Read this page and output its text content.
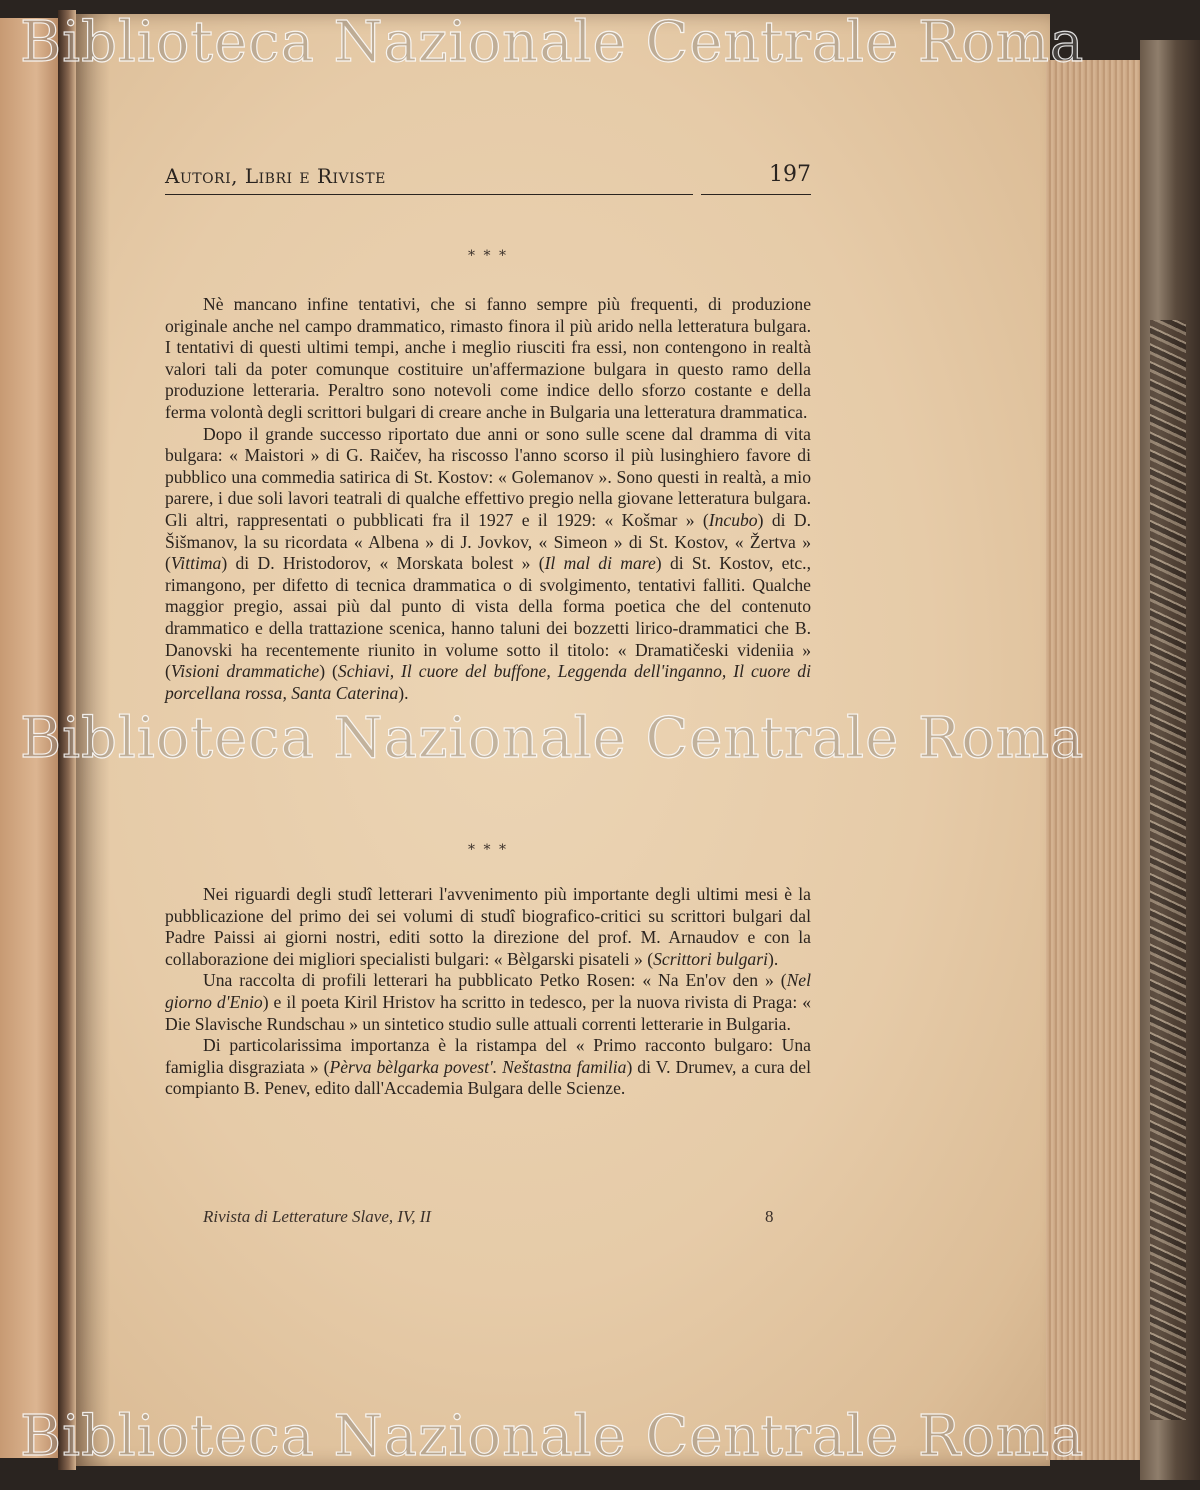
Autori, Libri e Riviste	197
* * *

Nè mancano infine tentativi, che si fanno sempre più frequenti, di produzione originale anche nel campo drammatico, rimasto finora il più arido nella letteratura bulgara. I tentativi di questi ultimi tempi, anche i meglio riusciti fra essi, non contengono in realtà valori tali da poter comunque costituire un'affermazione bulgara in questo ramo della produzione letteraria. Peraltro sono notevoli come indice dello sforzo costante e della ferma volontà degli scrittori bulgari di creare anche in Bulgaria una letteratura drammatica.

Dopo il grande successo riportato due anni or sono sulle scene dal dramma di vita bulgara: « Maistori » di G. Raičev, ha riscosso l'anno scorso il più lusinghiero favore di pubblico una commedia satirica di St. Kostov: « Golemanov ». Sono questi in realtà, a mio parere, i due soli lavori teatrali di qualche effettivo pregio nella giovane letteratura bulgara. Gli altri, rappresentati o pubblicati fra il 1927 e il 1929: « Košmar » (Incubo) di D. Šišmanov, la su ricordata « Albena » di J. Jovkov, « Simeon » di St. Kostov, « Žertva » (Vittima) di D. Hristodorov, « Morskata bolest » (Il mal di mare) di St. Kostov, etc., rimangono, per difetto di tecnica drammatica o di svolgimento, tentativi falliti. Qualche maggior pregio, assai più dal punto di vista della forma poetica che del contenuto drammatico e della trattazione scenica, hanno taluni dei bozzetti lirico-drammatici che B. Danovski ha recentemente riunito in volume sotto il titolo: « Dramatičeski videniia » (Visioni drammatiche) (Schiavi, Il cuore del buffone, Leggenda dell'inganno, Il cuore di porcellana rossa, Santa Caterina).

* * *

Nei riguardi degli studî letterari l'avvenimento più importante degli ultimi mesi è la pubblicazione del primo dei sei volumi di studî biografico-critici su scrittori bulgari dal Padre Paissi ai giorni nostri, editi sotto la direzione del prof. M. Arnaudov e con la collaborazione dei migliori specialisti bulgari: « Bèlgarski pisateli » (Scrittori bulgari).

Una raccolta di profili letterari ha pubblicato Petko Rosen: « Na En'ov den » (Nel giorno d'Enio) e il poeta Kiril Hristov ha scritto in tedesco, per la nuova rivista di Praga: « Die Slavische Rundschau » un sintetico studio sulle attuali correnti letterarie in Bulgaria.

Di particolarissima importanza è la ristampa del « Primo racconto bulgaro: Una famiglia disgraziata » (Pèrva bèlgarka povest'. Neštastna familia) di V. Drumev, a cura del compianto B. Penev, edito dall'Accademia Bulgara delle Scienze.

Rivista di Letterature Slave, IV, II	8
